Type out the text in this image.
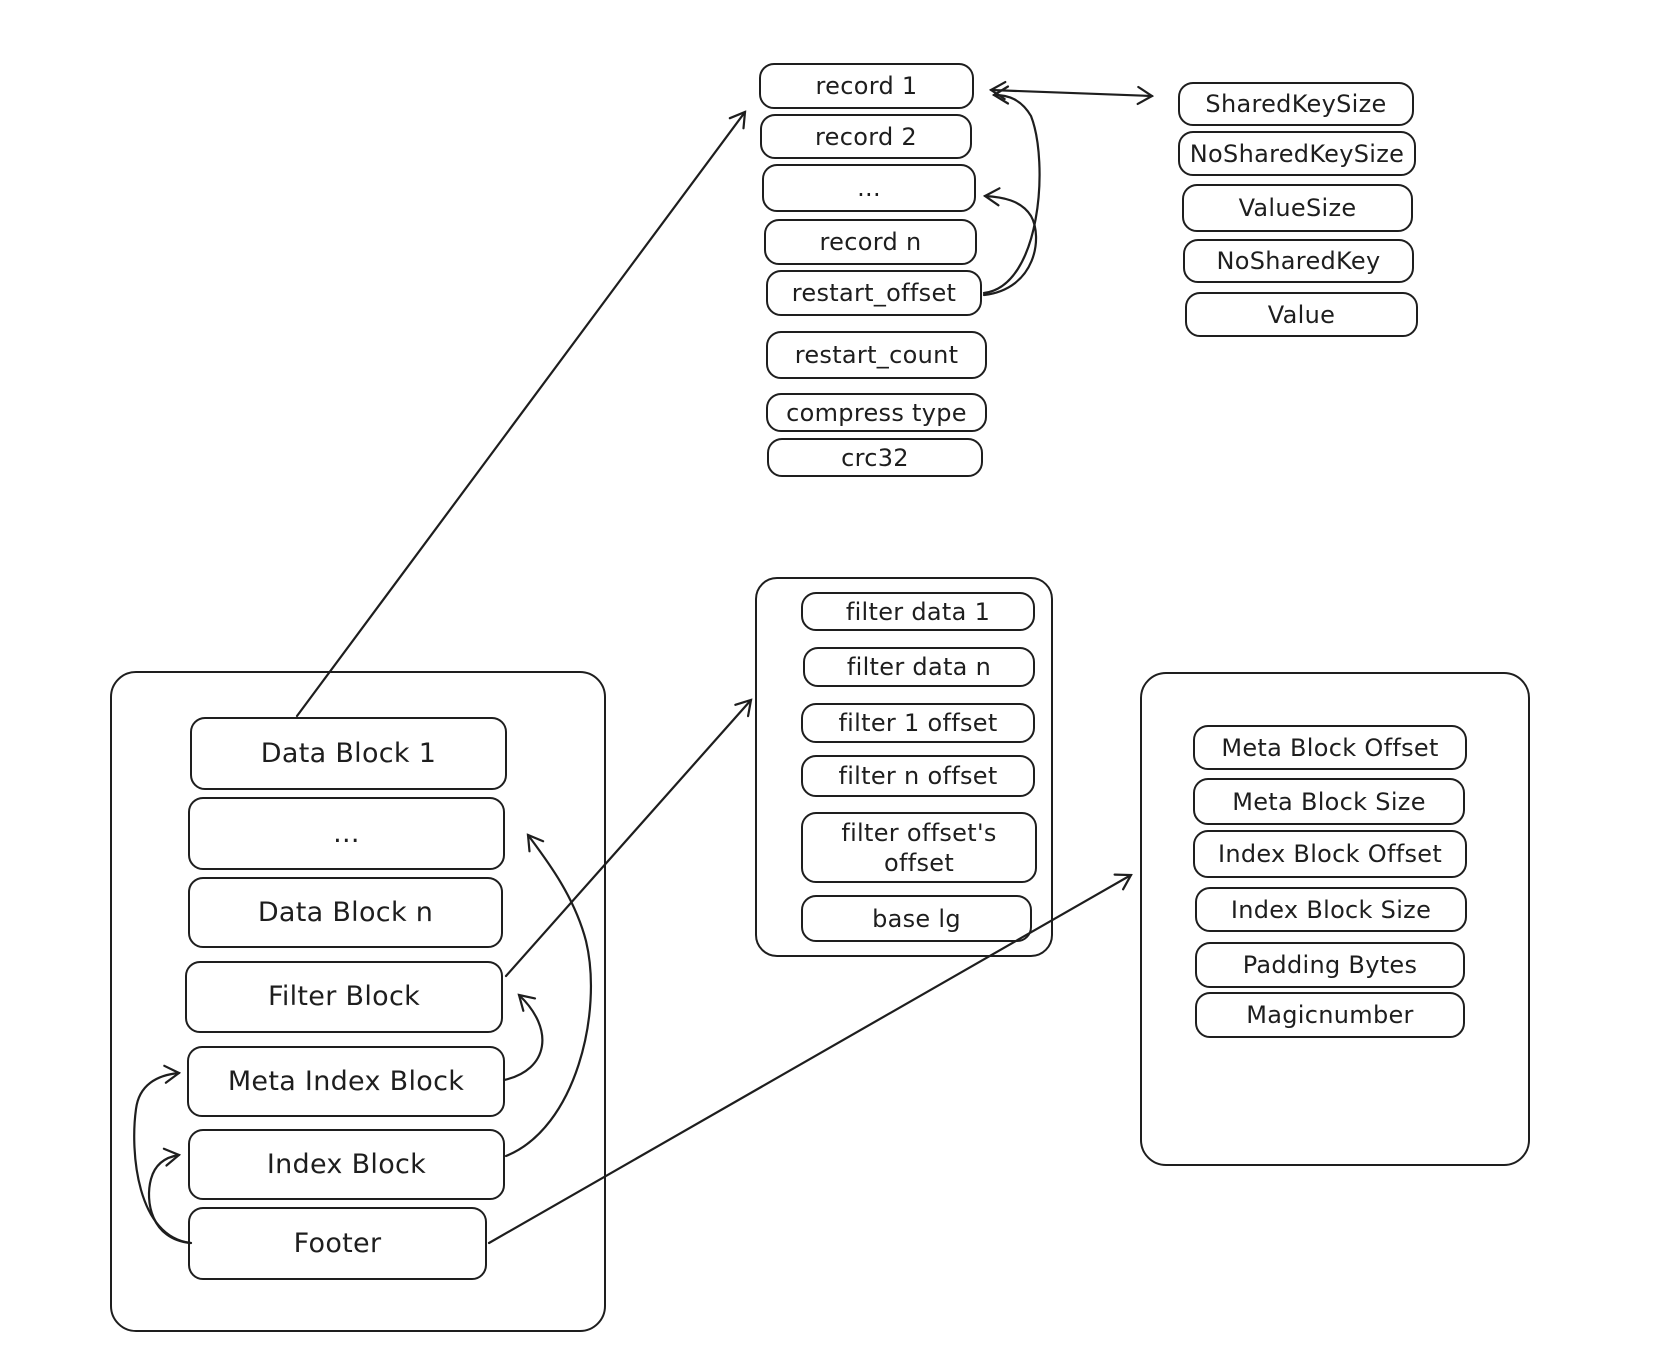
record 1
record 2
...
record n
restart_offset
restart_count
compress type
crc32
SharedKeySize
NoSharedKeySize
ValueSize
NoSharedKey
Value
Data Block 1
...
Data Block n
Filter Block
Meta Index Block
Index Block
Footer
filter data 1
filter data n
filter 1 offset
filter n offset
filter offset's offset
base lg
Meta Block Offset
Meta Block Size
Index Block Offset
Index Block Size
Padding Bytes
Magicnumber
